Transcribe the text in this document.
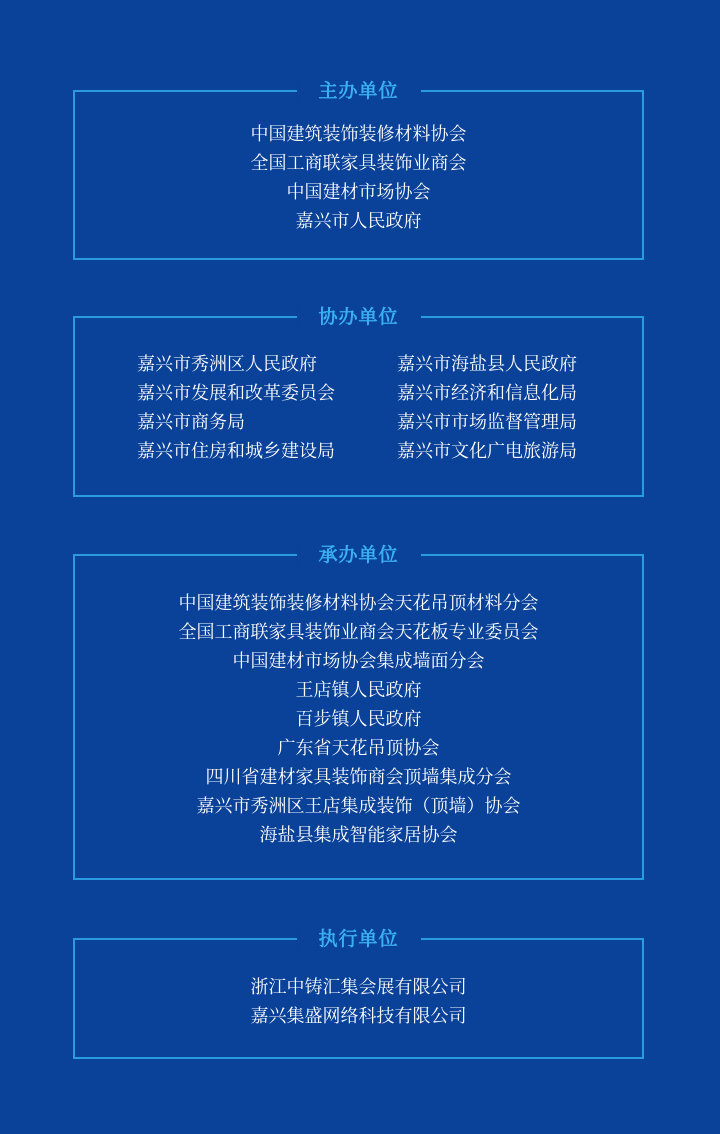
主办单位
中国建筑装饰装修材料协会
全国工商联家具装饰业商会
中国建材市场协会
嘉兴市人民政府
协办单位
嘉兴市秀洲区人民政府
嘉兴市发展和改革委员会
嘉兴市商务局
嘉兴市住房和城乡建设局
嘉兴市海盐县人民政府
嘉兴市经济和信息化局
嘉兴市市场监督管理局
嘉兴市文化广电旅游局
承办单位
中国建筑装饰装修材料协会天花吊顶材料分会
全国工商联家具装饰业商会天花板专业委员会
中国建材市场协会集成墙面分会
王店镇人民政府
百步镇人民政府
广东省天花吊顶协会
四川省建材家具装饰商会顶墙集成分会
嘉兴市秀洲区王店集成装饰（顶墙）协会
海盐县集成智能家居协会
执行单位
浙江中铸汇集会展有限公司
嘉兴集盛网络科技有限公司
